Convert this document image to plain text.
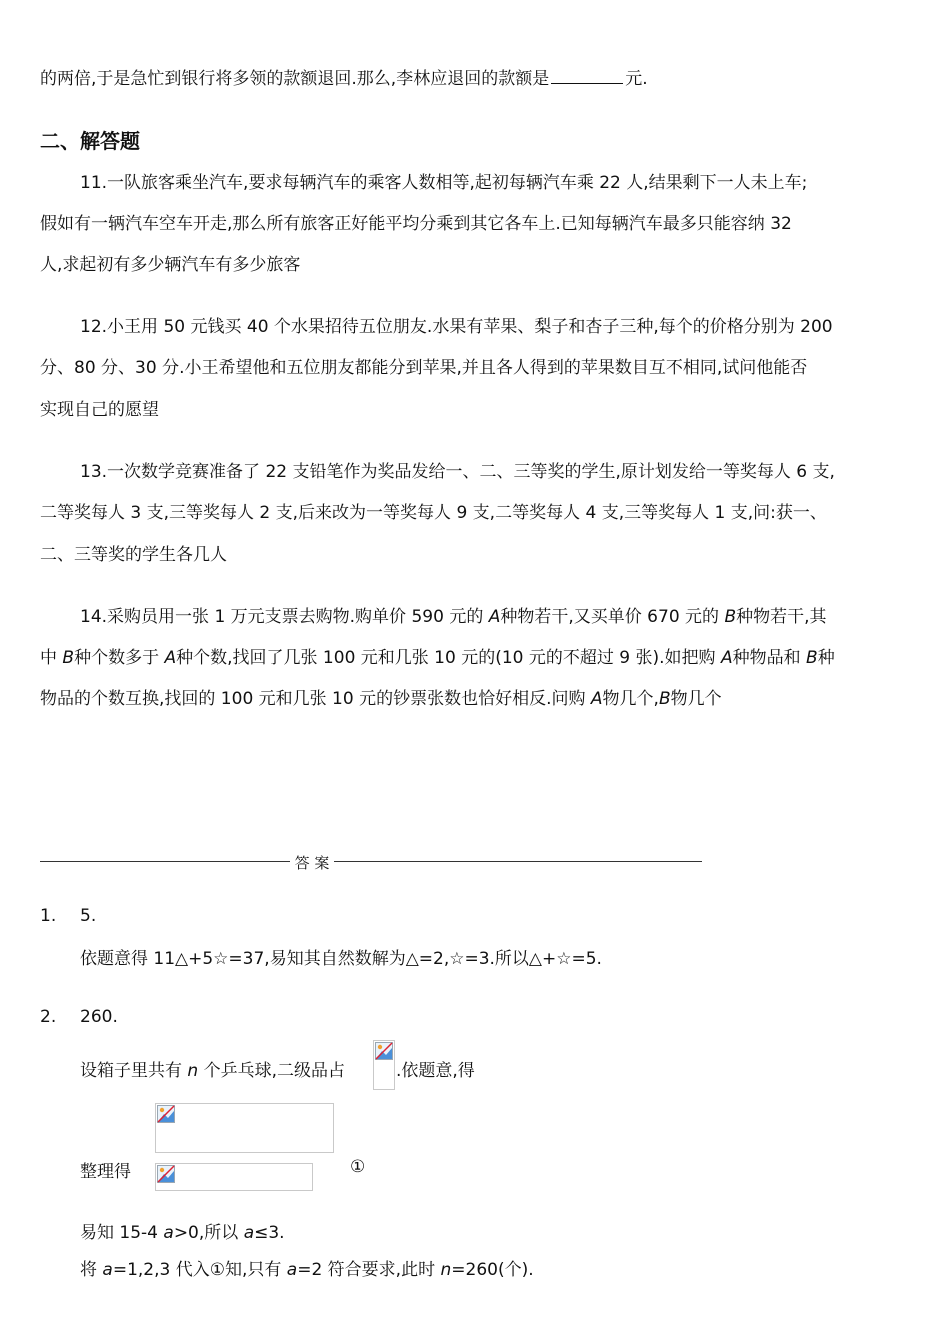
的两倍,于是急忙到银行将多领的款额退回.那么,李林应退回的款额是	元.
二、解答题
11.一队旅客乘坐汽车,要求每辆汽车的乘客人数相等,起初每辆汽车乘 22 人,结果剩下一人未上车;
假如有一辆汽车空车开走,那么所有旅客正好能平均分乘到其它各车上.已知每辆汽车最多只能容纳 32
人,求起初有多少辆汽车有多少旅客
12.小王用 50 元钱买 40 个水果招待五位朋友.水果有苹果、梨子和杏子三种,每个的价格分别为 200
分、80 分、30 分.小王希望他和五位朋友都能分到苹果,并且各人得到的苹果数目互不相同,试问他能否
实现自己的愿望
13.一次数学竞赛准备了 22 支铅笔作为奖品发给一、二、三等奖的学生,原计划发给一等奖每人 6 支,
二等奖每人 3 支,三等奖每人 2 支,后来改为一等奖每人 9 支,二等奖每人 4 支,三等奖每人 1 支,问:获一、
二、三等奖的学生各几人
14.采购员用一张 1 万元支票去购物.购单价 590 元的 A种物若干,又买单价 670 元的 B种物若干,其
中 B种个数多于 A种个数,找回了几张 100 元和几张 10 元的(10 元的不超过 9 张).如把购 A种物品和 B种
物品的个数互换,找回的 100 元和几张 10 元的钞票张数也恰好相反.问购 A物几个,B物几个
答 案
1. 5.
依题意得 11△+5☆=37,易知其自然数解为△=2,☆=3.所以△+☆=5.
2. 260.
设箱子里共有 n 个乒乓球,二级品占	.依题意,得
整理得	①
易知 15-4 a>0,所以 a≤3.
将 a=1,2,3 代入①知,只有 a=2 符合要求,此时 n=260(个).
